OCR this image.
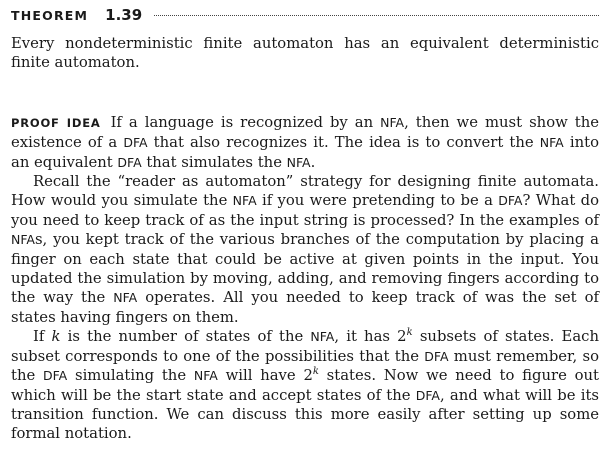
THEOREM 1.39

Every nondeterministic finite automaton has an equivalent deterministic finite automaton.

PROOF IDEA If a language is recognized by an NFA, then we must show the existence of a DFA that also recognizes it. The idea is to convert the NFA into an equivalent DFA that simulates the NFA.

Recall the “reader as automaton” strategy for designing finite automata. How would you simulate the NFA if you were pretending to be a DFA? What do you need to keep track of as the input string is processed? In the examples of NFAs, you kept track of the various branches of the computation by placing a finger on each state that could be active at given points in the input. You updated the simulation by moving, adding, and removing fingers according to the way the NFA operates. All you needed to keep track of was the set of states having fingers on them.

If k is the number of states of the NFA, it has 2$^k$ subsets of states. Each subset corresponds to one of the possibilities that the DFA must remember, so the DFA simulating the NFA will have 2$^k$ states. Now we need to figure out which will be the start state and accept states of the DFA, and what will be its transition function. We can discuss this more easily after setting up some formal notation.
